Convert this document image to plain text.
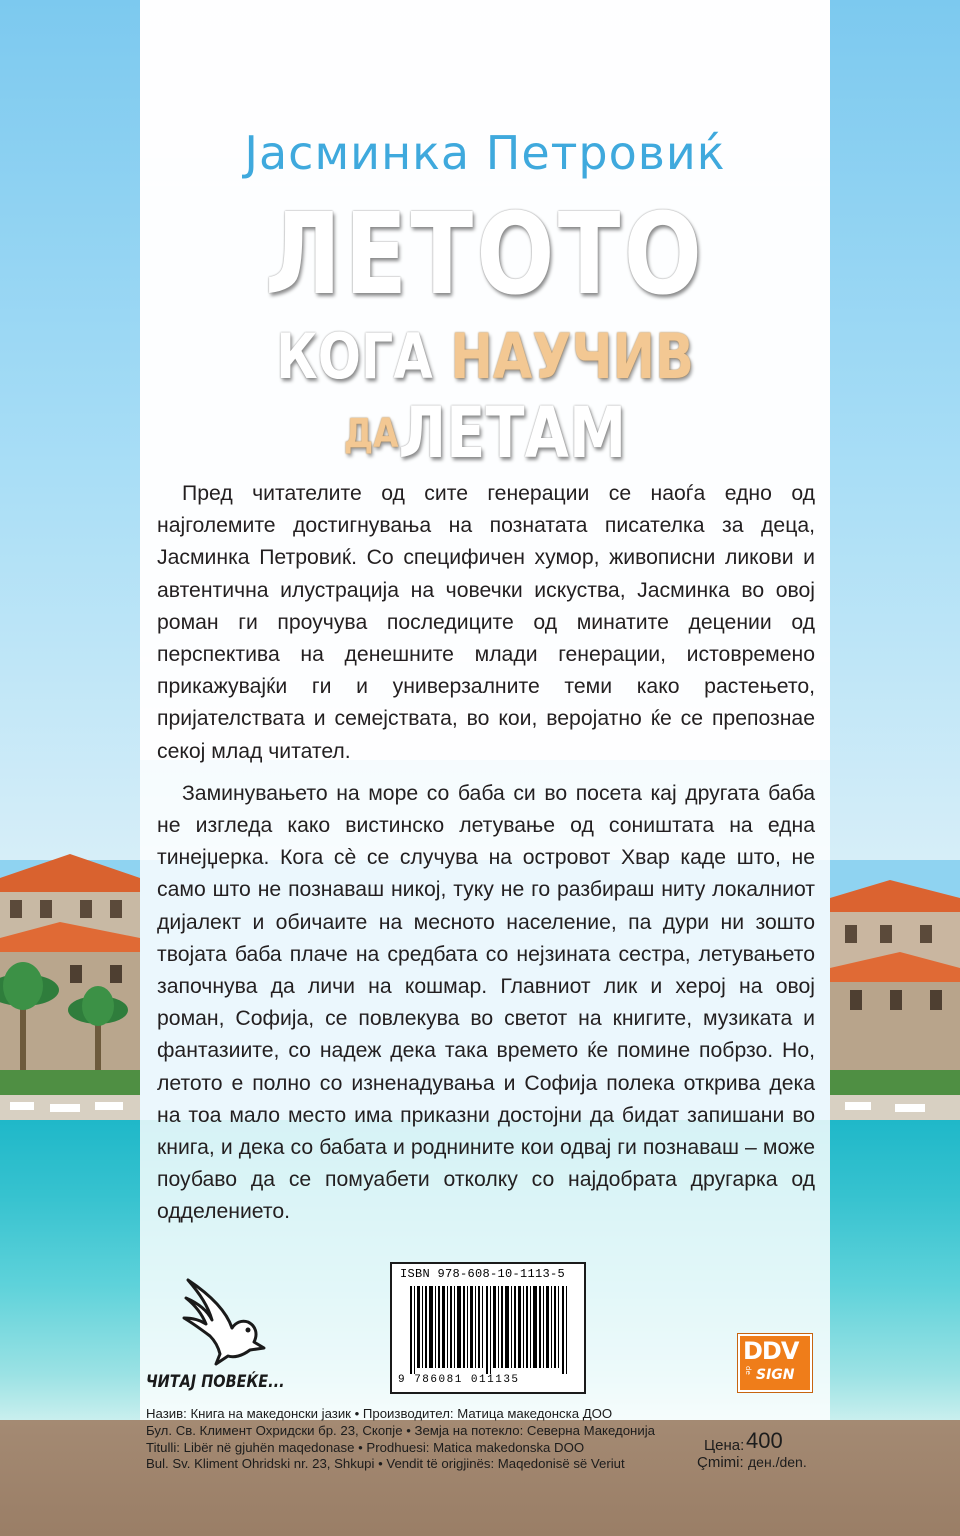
Јасминка Петровиќ
ЛЕТОТО
КОГА НАУЧИВ
ДАЛЕТАМ

Пред читателите од сите генерации се наоѓа едно од најголемите достигнувања на познатата писателка за деца, Јасминка Петровиќ. Со специфичен хумор, живописни ликови и автентична илустрација на човечки искуства, Јасминка во овој роман ги проучува последиците од минатите децении од перспектива на денешните млади генерации, истовремено прикажувајќи ги и универзалните теми како растењето, пријателствата и семејствата, во кои, веројатно ќе се препознае секој млад читател.

Заминувањето на море со баба си во посета кај другата баба не изгледа како вистинско летување од соништата на една тинејџерка. Кога сè се случува на островот Хвар каде што, не само што не познаваш никој, туку не го разбираш ниту локалниот дијалект и обичаите на месното население, па дури ни зошто твојата баба плаче на средбата со нејзината сестра, летувањето започнува да личи на кошмар. Главниот лик и херој на овој роман, Софија, се повлекува во светот на книгите, музиката и фантазиите, со надеж дека така времето ќе помине побрзо. Но, летото е полно со изненадувања и Софија полека открива дека на тоа мало место има приказни достојни да бидат запишани во книга, и дека со бабата и роднините кои одвај ги познаваш – може поубаво да се помуабети отколку со најдобрата другарка од одделението.

ЧИТАЈ ПОВЕЌЕ...
ISBN 978-608-10-1113-5
9 786081 011135
DDV
de SIGN
Назив: Книга на македонски јазик • Производител: Матица македонска ДОО
Бул. Св. Климент Охридски бр. 23, Скопје • Земја на потекло: Северна Македонија
Titulli: Libër në gjuhën maqedonase • Prodhuesi: Matica makedonska DOO
Bul. Sv. Kliment Ohridski nr. 23, Shkupi • Vendit të origjinës: Maqedonisë së Veriut
Цена: 400
Çmimi: ден./den.
